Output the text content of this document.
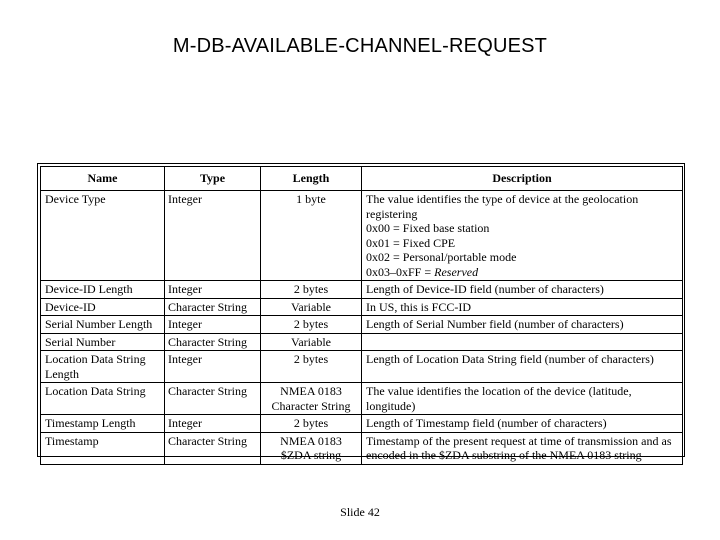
M-DB-AVAILABLE-CHANNEL-REQUEST
Name	Type	Length	Description
Device Type	Integer	1 byte	The value identifies the type of device at the geolocation registering
0x00 = Fixed base station
0x01 = Fixed CPE
0x02 = Personal/portable mode
0x03–0xFF = Reserved

Device-ID Length	Integer	2 bytes	Length of Device-ID field (number of characters)
Device-ID	Character String	Variable	In US, this is FCC-ID
Serial Number Length	Integer	2 bytes	Length of Serial Number field (number of characters)
Serial Number	Character String	Variable	
Location Data String Length	Integer	2 bytes	Length of Location Data String field (number of characters)
Location Data String	Character String	NMEA 0183 Character String	The value identifies the location of the device (latitude, longitude)
Timestamp Length	Integer	2 bytes	Length of Timestamp field (number of characters)
Timestamp	Character String	NMEA 0183 $ZDA string	Timestamp of the present request at time of transmission and as encoded in the $ZDA substring of the NMEA 0183 string
Slide 42
